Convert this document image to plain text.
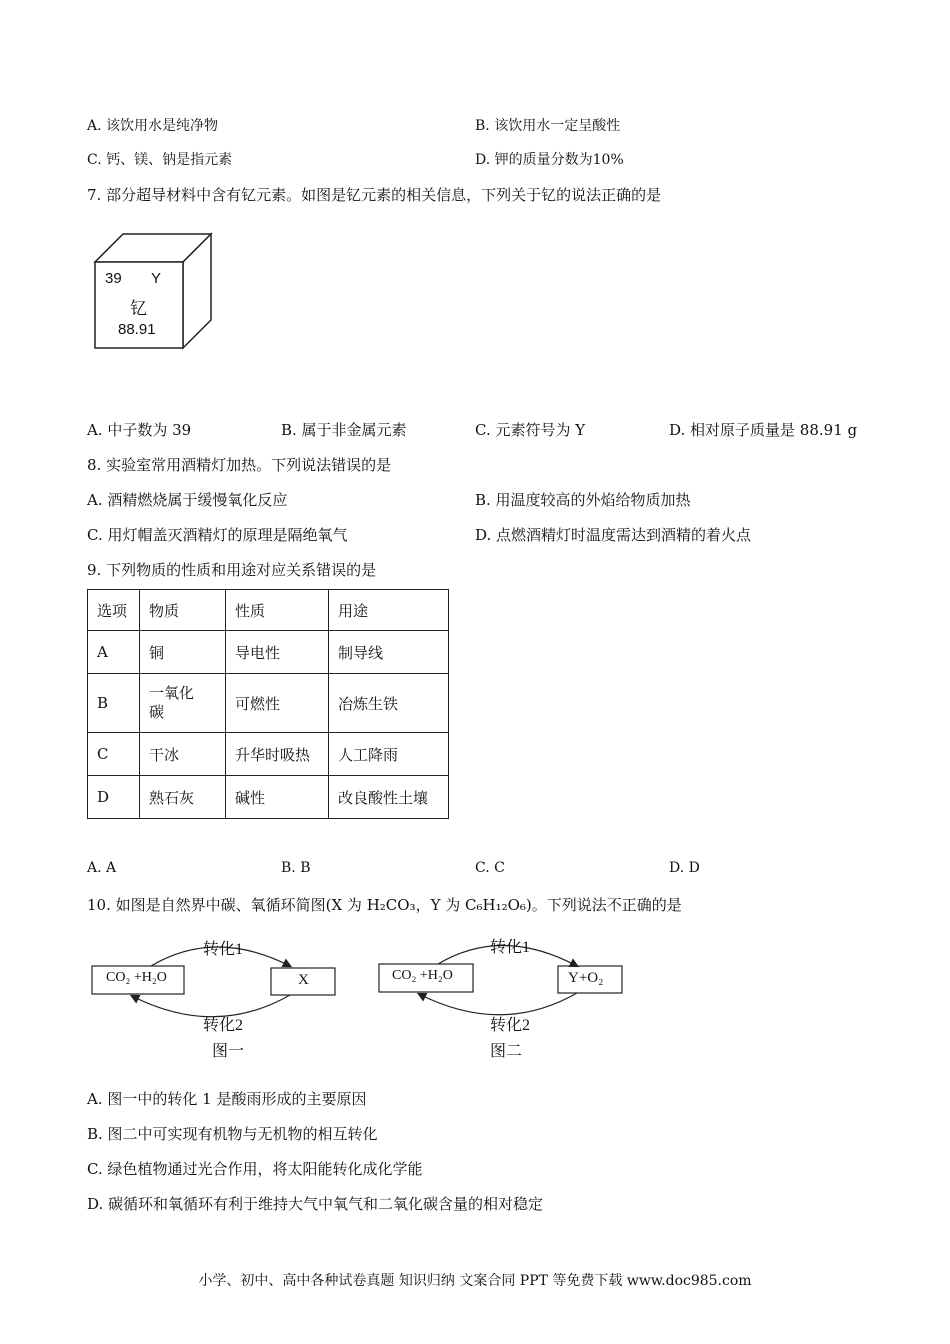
A. 该饮用水是纯净物	B. 该饮用水一定呈酸性
C. 钙、镁、钠是指元素	D. 钾的质量分数为10%
7. 部分超导材料中含有钇元素。如图是钇元素的相关信息，下列关于钇的说法正确的是
39 Y
钇
88.91
A. 中子数为 39	B. 属于非金属元素	C. 元素符号为 Y	D. 相对原子质量是 88.91 g
8. 实验室常用酒精灯加热。下列说法错误的是
A. 酒精燃烧属于缓慢氧化反应	B. 用温度较高的外焰给物质加热
C. 用灯帽盖灭酒精灯的原理是隔绝氧气	D. 点燃酒精灯时温度需达到酒精的着火点
9. 下列物质的性质和用途对应关系错误的是
选项	物质	性质	用途
A	铜	导电性	制导线
B	一氧化碳	可燃性	冶炼生铁
C	干冰	升华时吸热	人工降雨
D	熟石灰	碱性	改良酸性土壤
A. A	B. B	C. C	D. D
10. 如图是自然界中碳、氧循环简图(X 为 H₂CO₃，Y 为 C₆H₁₂O₆)。下列说法不正确的是
CO₂ +H₂O	X
转化1
转化2
图一
CO₂ +H₂O	Y+O₂
转化1
转化2
图二
A. 图一中的转化 1 是酸雨形成的主要原因
B. 图二中可实现有机物与无机物的相互转化
C. 绿色植物通过光合作用，将太阳能转化成化学能
D. 碳循环和氧循环有利于维持大气中氧气和二氧化碳含量的相对稳定
小学、初中、高中各种试卷真题 知识归纳 文案合同 PPT 等免费下载 www.doc985.com
